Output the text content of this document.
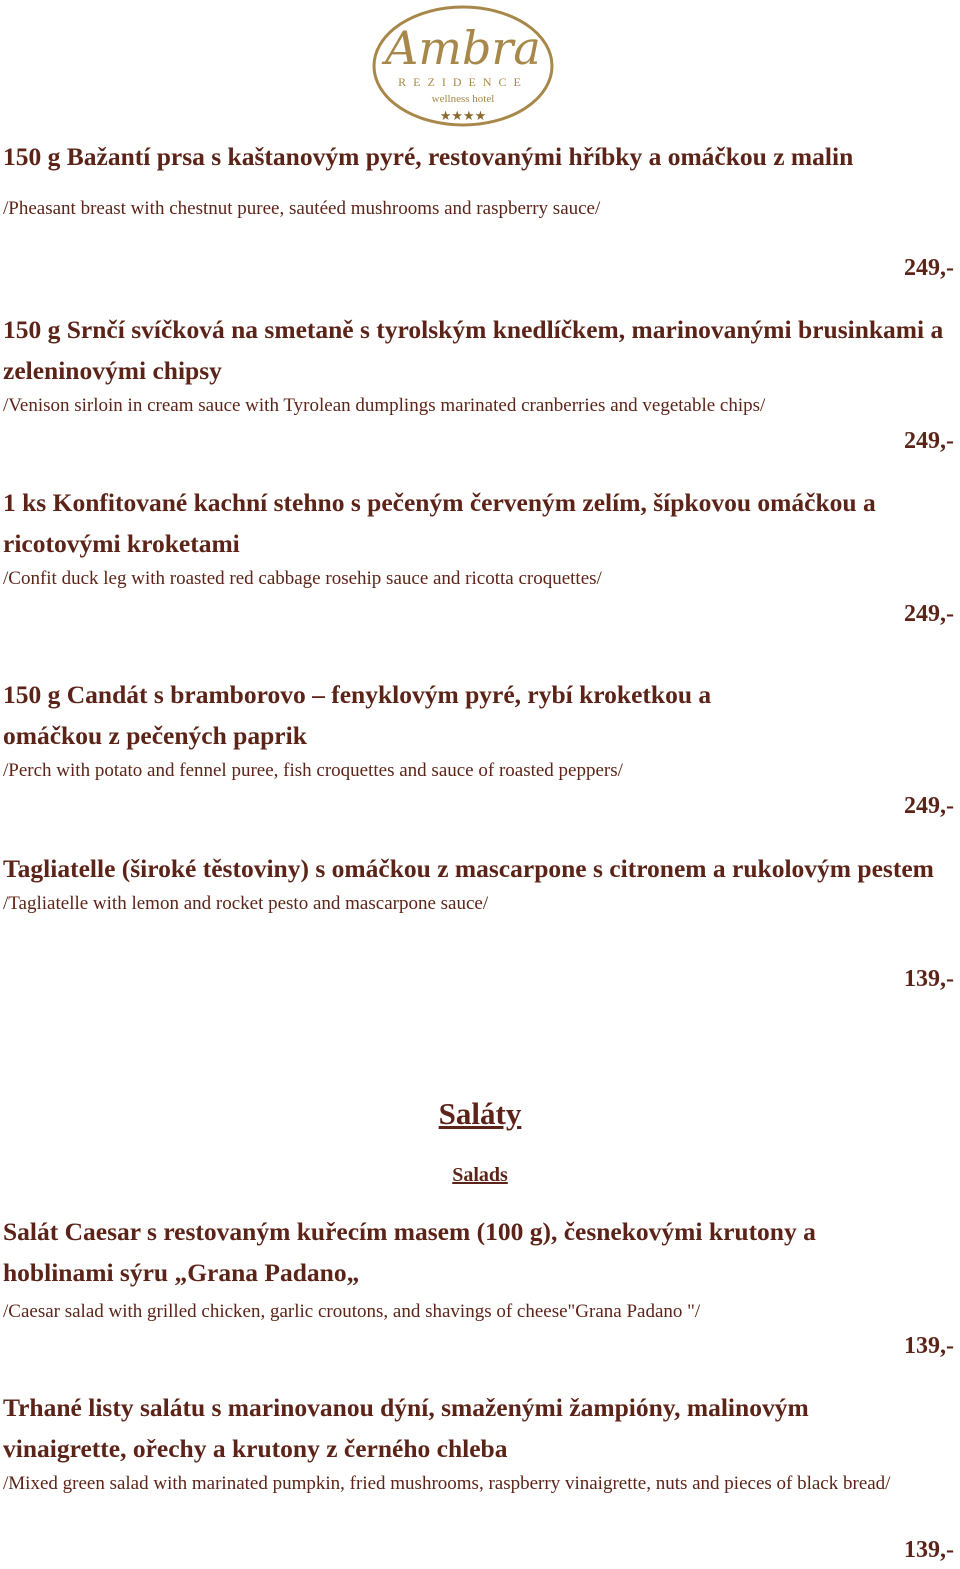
Ambra
REZIDENCE
wellness hotel
★★★★

150 g Bažantí prsa s kaštanovým pyré, restovanými hříbky a omáčkou z malin

/Pheasant breast with chestnut puree, sautéed mushrooms and raspberry sauce/

249,-

150 g Srnčí svíčková na smetaně s tyrolským knedlíčkem, marinovanými brusinkami a zeleninovými chipsy

/Venison sirloin in cream sauce with Tyrolean dumplings marinated cranberries and vegetable chips/

249,-

1 ks Konfitované kachní stehno s pečeným červeným zelím, šípkovou omáčkou a ricotovými kroketami

/Confit duck leg with roasted red cabbage rosehip sauce and ricotta croquettes/

249,-

150 g Candát s bramborovo – fenyklovým pyré, rybí kroketkou a omáčkou z pečených paprik

/Perch with potato and fennel puree, fish croquettes and sauce of roasted peppers/

249,-

Tagliatelle (široké těstoviny) s omáčkou z mascarpone s citronem a rukolovým pestem

/Tagliatelle with lemon and rocket pesto and mascarpone sauce/

139,-
Saláty
Salads

Salát Caesar s restovaným kuřecím masem (100 g), česnekovými krutony a hoblinami sýru „Grana Padano„

/Caesar salad with grilled chicken, garlic croutons, and shavings of cheese"Grana Padano "/

139,-

Trhané listy salátu s marinovanou dýní, smaženými žampióny, malinovým vinaigrette, ořechy a krutony z černého chleba

/Mixed green salad with marinated pumpkin, fried mushrooms, raspberry vinaigrette, nuts and pieces of black bread/

139,-
